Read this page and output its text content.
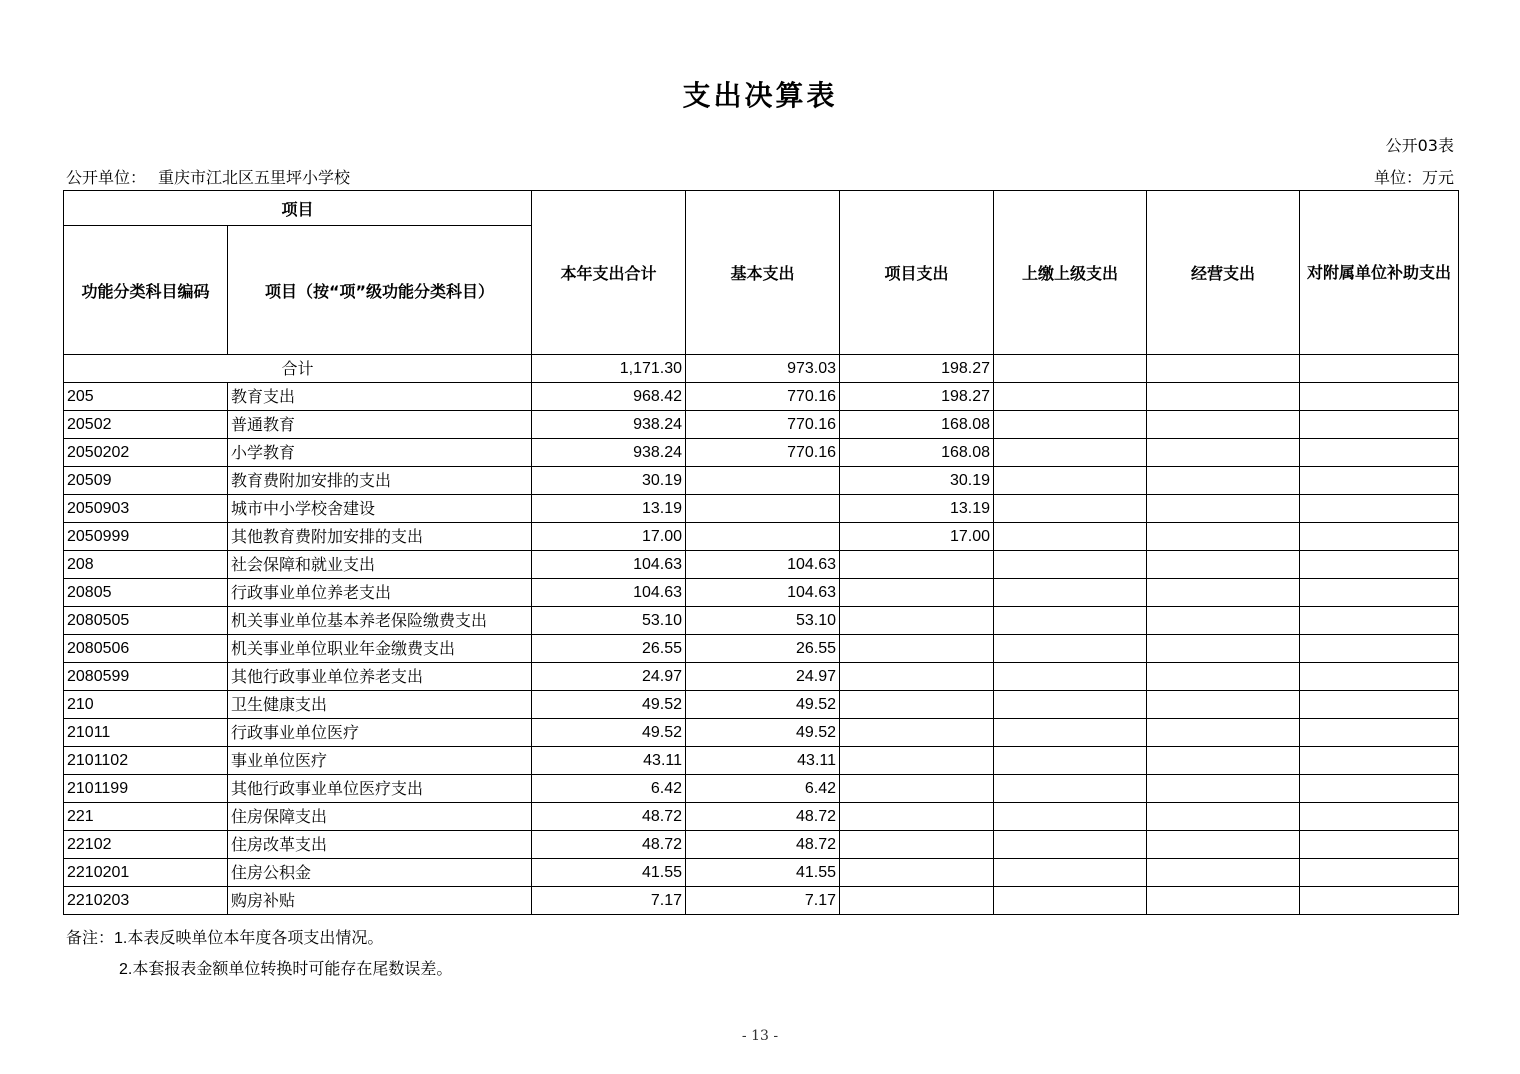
支出决算表
公开03表
公开单位： 重庆市江北区五里坪小学校	单位：万元
项目		本年支出合计	基本支出	项目支出	上缴上级支出	经营支出	对附属单位补助支出
功能分类科目编码	项目（按“项”级功能分类科目）						
合计		1,171.30	973.03	198.27			
205	教育支出	968.42	770.16	198.27			
20502	普通教育	938.24	770.16	168.08			
2050202	小学教育	938.24	770.16	168.08			
20509	教育费附加安排的支出	30.19		30.19			
2050903	城市中小学校舍建设	13.19		13.19			
2050999	其他教育费附加安排的支出	17.00		17.00			
208	社会保障和就业支出	104.63	104.63				
20805	行政事业单位养老支出	104.63	104.63				
2080505	机关事业单位基本养老保险缴费支出	53.10	53.10				
2080506	机关事业单位职业年金缴费支出	26.55	26.55				
2080599	其他行政事业单位养老支出	24.97	24.97				
210	卫生健康支出	49.52	49.52				
21011	行政事业单位医疗	49.52	49.52				
2101102	事业单位医疗	43.11	43.11				
2101199	其他行政事业单位医疗支出	6.42	6.42				
221	住房保障支出	48.72	48.72				
22102	住房改革支出	48.72	48.72				
2210201	住房公积金	41.55	41.55				
2210203	购房补贴	7.17	7.17				
备注：1.本表反映单位本年度各项支出情况。
2.本套报表金额单位转换时可能存在尾数误差。
- 13 -
